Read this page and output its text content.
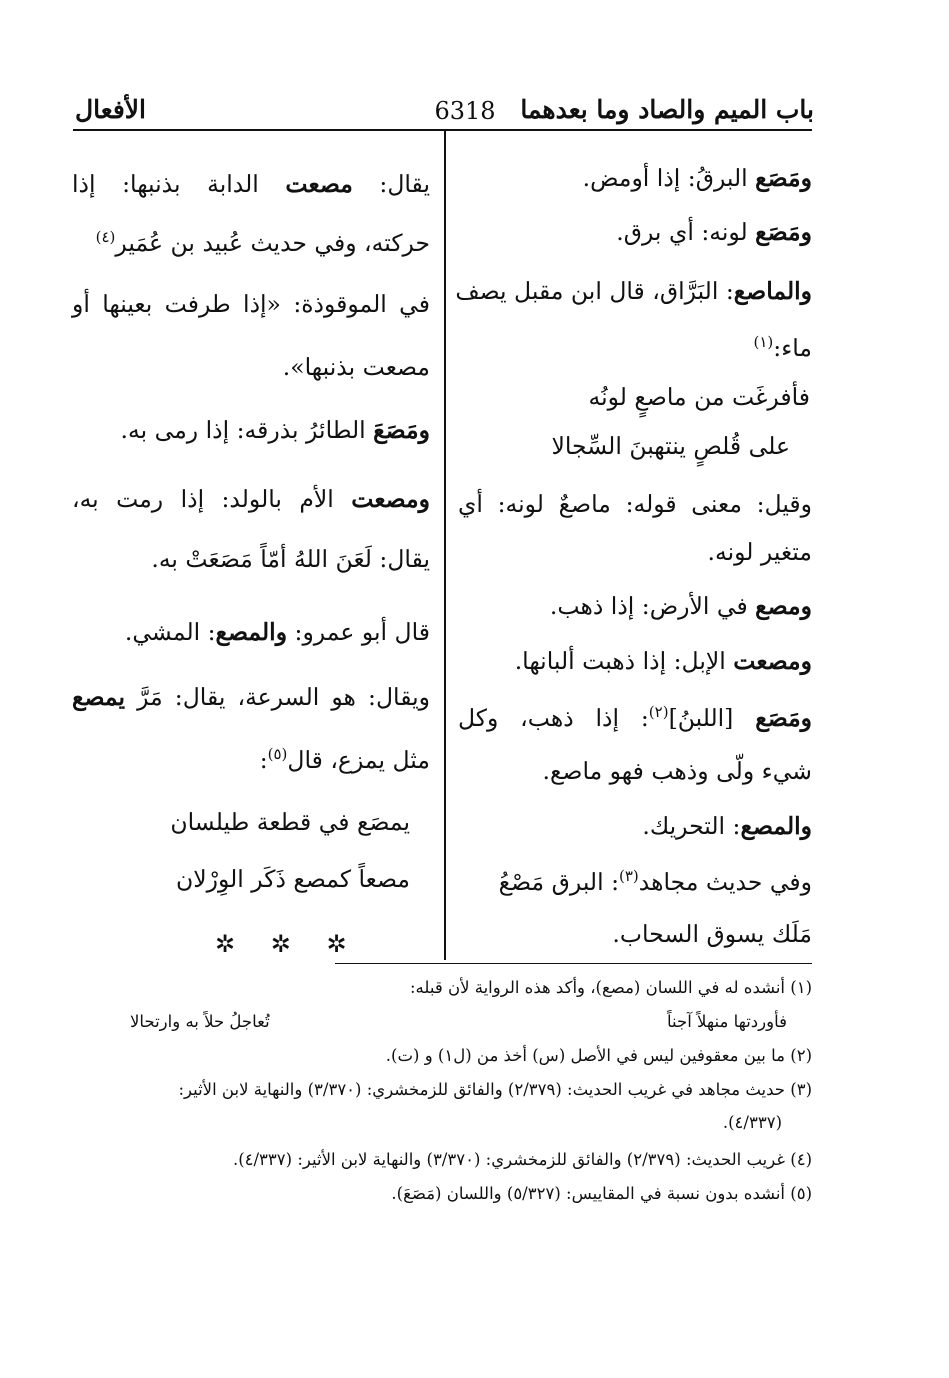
باب الميم والصاد وما بعدهما
6318
الأفعال
ومَصَع البرقُ: إذا أومض.
ومَصَع لونه: أي برق.
والماصع: البَرَّاق، قال ابن مقبل يصف
ماء:$^{(١)}$
فأفرغَت من ماصعٍ لونُه
على قُلصٍ ينتهبنَ السِّجالا
وقيل: معنى قوله: ماصعٌ لونه: أي
متغير لونه.
ومصع في الأرض: إذا ذهب.
ومصعت الإبل: إذا ذهبت ألبانها.
ومَصَع [اللبنُ]$^{(٢)}$: إذا ذهب، وكل
شيء ولّى وذهب فهو ماصع.
والمصع: التحريك.
وفي حديث مجاهد$^{(٣)}$: البرق مَصْعُ
مَلَك يسوق السحاب.
يقال: مصعت الدابة بذنبها: إذا
حركته، وفي حديث عُبيد بن عُمَير$^{(٤)}$
في الموقوذة: «إذا طرفت بعينها أو
مصعت بذنبها».
ومَصَعَ الطائرُ بذرقه: إذا رمى به.
ومصعت الأم بالولد: إذا رمت به،
يقال: لَعَنَ اللهُ أمّاً مَصَعَتْ به.
قال أبو عمرو: والمصع: المشي.
ويقال: هو السرعة، يقال: مَرَّ يمصع
مثل يمزع، قال$^{(٥)}$:
يمصَع في قطعة طيلسان
مصعاً كمصع ذَكَر الوِرْلان
✲ ✲ ✲
(١) أنشده له في اللسان (مصع)، وأكد هذه الرواية لأن قبله:
فأوردتها منهلاً آجناً
تُعاجلُ حلاً به وارتحالا
(٢) ما بين معقوفين ليس في الأصل (س) أخذ من (ل١) و (ت).
(٣) حديث مجاهد في غريب الحديث: (٢/٣٧٩) والفائق للزمخشري: (٣/٣٧٠) والنهاية لابن الأثير:
(٤/٣٣٧).
(٤) غريب الحديث: (٢/٣٧٩) والفائق للزمخشري: (٣/٣٧٠) والنهاية لابن الأثير: (٤/٣٣٧).
(٥) أنشده بدون نسبة في المقاييس: (٥/٣٢٧) واللسان (مَصَعَ).
